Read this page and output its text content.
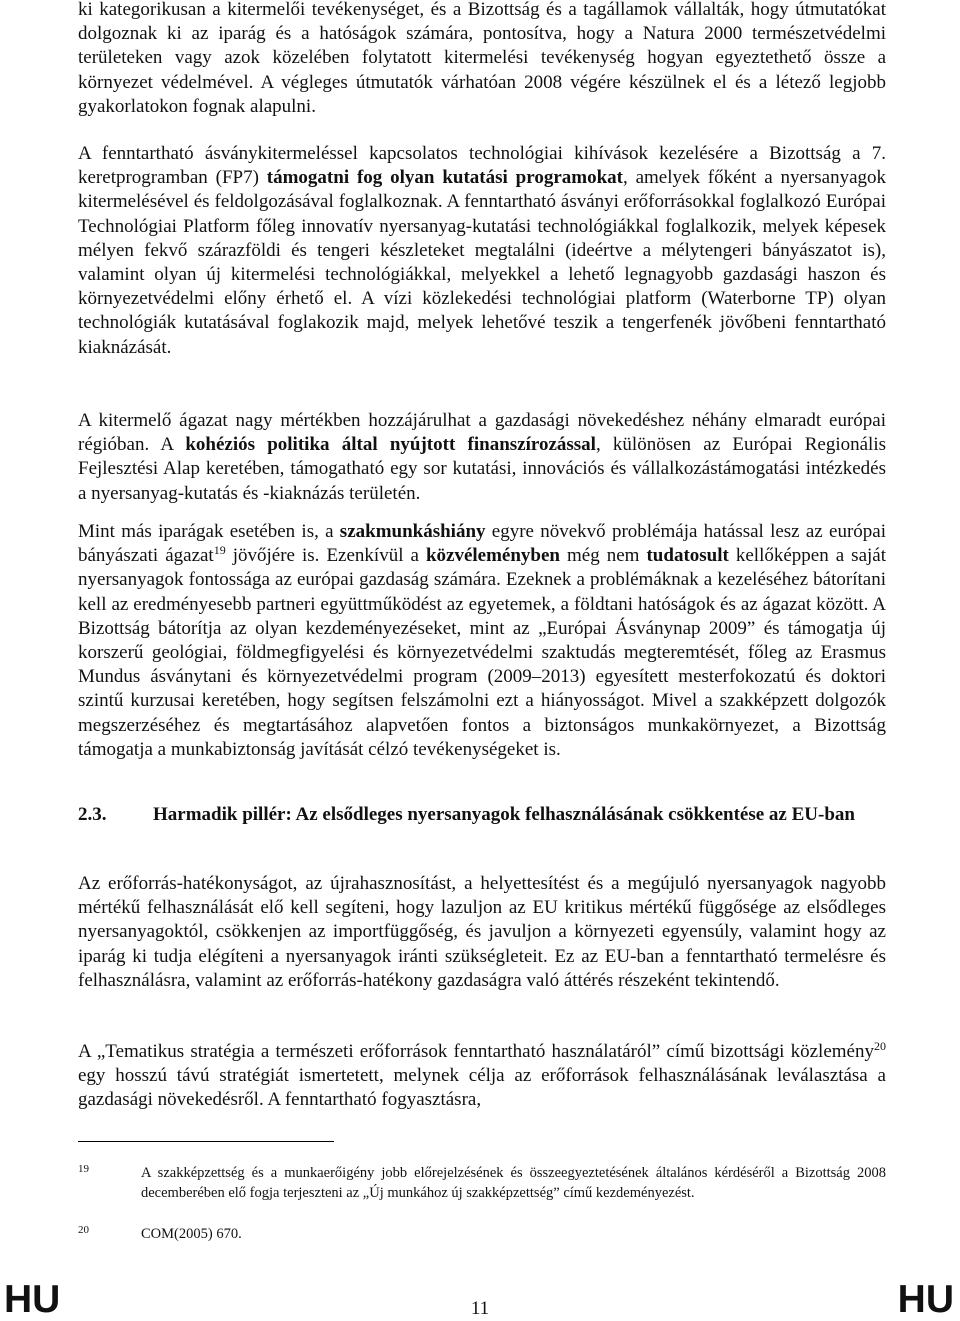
ki kategorikusan a kitermelői tevékenységet, és a Bizottság és a tagállamok vállalták, hogy útmutatókat dolgoznak ki az iparág és a hatóságok számára, pontosítva, hogy a Natura 2000 természetvédelmi területeken vagy azok közelében folytatott kitermelési tevékenység hogyan egyeztethető össze a környezet védelmével. A végleges útmutatók várhatóan 2008 végére készülnek el és a létező legjobb gyakorlatokon fognak alapulni.

A fenntartható ásványkitermeléssel kapcsolatos technológiai kihívások kezelésére a Bizottság a 7. keretprogramban (FP7) támogatni fog olyan kutatási programokat, amelyek főként a nyersanyagok kitermelésével és feldolgozásával foglalkoznak. A fenntartható ásványi erőforrásokkal foglalkozó Európai Technológiai Platform főleg innovatív nyersanyag-kutatási technológiákkal foglalkozik, melyek képesek mélyen fekvő szárazföldi és tengeri készleteket megtalálni (ideértve a mélytengeri bányászatot is), valamint olyan új kitermelési technológiákkal, melyekkel a lehető legnagyobb gazdasági haszon és környezetvédelmi előny érhető el. A vízi közlekedési technológiai platform (Waterborne TP) olyan technológiák kutatásával foglakozik majd, melyek lehetővé teszik a tengerfenék jövőbeni fenntartható kiaknázását.

A kitermelő ágazat nagy mértékben hozzájárulhat a gazdasági növekedéshez néhány elmaradt európai régióban. A kohéziós politika által nyújtott finanszírozással, különösen az Európai Regionális Fejlesztési Alap keretében, támogatható egy sor kutatási, innovációs és vállalkozástámogatási intézkedés a nyersanyag-kutatás és -kiaknázás területén.

Mint más iparágak esetében is, a szakmunkáshiány egyre növekvő problémája hatással lesz az európai bányászati ágazat$^{19}$ jövőjére is. Ezenkívül a közvéleményben még nem tudatosult kellőképpen a saját nyersanyagok fontossága az európai gazdaság számára. Ezeknek a problémáknak a kezeléséhez bátorítani kell az eredményesebb partneri együttműködést az egyetemek, a földtani hatóságok és az ágazat között. A Bizottság bátorítja az olyan kezdeményezéseket, mint az „Európai Ásványnap 2009” és támogatja új korszerű geológiai, földmegfigyelési és környezetvédelmi szaktudás megteremtését, főleg az Erasmus Mundus ásványtani és környezetvédelmi program (2009–2013) egyesített mesterfokozatú és doktori szintű kurzusai keretében, hogy segítsen felszámolni ezt a hiányosságot. Mivel a szakképzett dolgozók megszerzéséhez és megtartásához alapvetően fontos a biztonságos munkakörnyezet, a Bizottság támogatja a munkabiztonság javítását célzó tevékenységeket is.

2.3. Harmadik pillér: Az elsődleges nyersanyagok felhasználásának csökkentése az EU-ban

Az erőforrás-hatékonyságot, az újrahasznosítást, a helyettesítést és a megújuló nyersanyagok nagyobb mértékű felhasználását elő kell segíteni, hogy lazuljon az EU kritikus mértékű függősége az elsődleges nyersanyagoktól, csökkenjen az importfüggőség, és javuljon a környezeti egyensúly, valamint hogy az iparág ki tudja elégíteni a nyersanyagok iránti szükségleteit. Ez az EU-ban a fenntartható termelésre és felhasználásra, valamint az erőforrás-hatékony gazdaságra való áttérés részeként tekintendő.

A „Tematikus stratégia a természeti erőforrások fenntartható használatáról” című bizottsági közlemény$^{20}$ egy hosszú távú stratégiát ismertetett, melynek célja az erőforrások felhasználásának leválasztása a gazdasági növekedésről. A fenntartható fogyasztásra,

19	A szakképzettség és a munkaerőigény jobb előrejelzésének és összeegyeztetésének általános kérdéséről a Bizottság 2008 decemberében elő fogja terjeszteni az „Új munkához új szakképzettség” című kezdeményezést.
20	COM(2005) 670.
HU	11	HU
